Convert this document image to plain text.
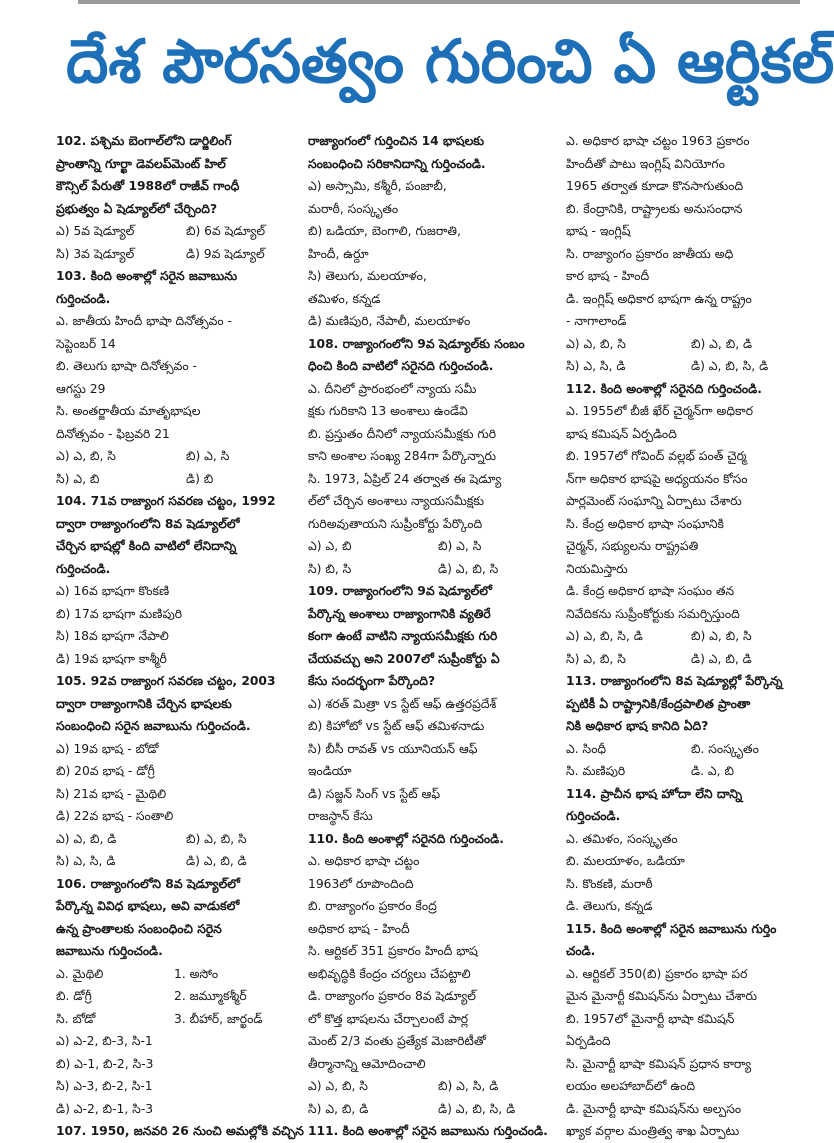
దేశ పౌరసత్వం గురించి ఏ ఆర్టికల్
102. పశ్చిమ బెంగాల్‌లోని డార్జిలింగ్
ప్రాంతాన్ని గూర్ఖా డెవలప్‌మెంట్ హిల్
కౌన్సిల్ పేరుతో 1988లో రాజీవ్ గాంధీ
ప్రభుత్వం ఏ షెడ్యూల్‌లో చేర్చింది?
ఎ) 5వ షెడ్యూల్	బి) 6వ షెడ్యూల్
సి) 3వ షెడ్యూల్	డి) 9వ షెడ్యూల్
103. కింది అంశాల్లో సరైన జవాబును
గుర్తించండి.
ఎ. జాతీయ హిందీ భాషా దినోత్సవం -
సెప్టెంబర్ 14
బి. తెలుగు భాషా దినోత్సవం -
ఆగస్టు 29
సి. అంతర్జాతీయ మాతృభాషల
దినోత్సవం - ఫిబ్రవరి 21
ఎ) ఎ, బి, సి	బి) ఎ, సి
సి) ఎ, బి	డి) బి
104. 71వ రాజ్యాంగ సవరణ చట్టం, 1992
ద్వారా రాజ్యాంగంలోని 8వ షెడ్యూల్‌లో
చేర్చిన భాషల్లో కింది వాటిలో లేనిదాన్ని
గుర్తించండి.
ఎ) 16వ భాషగా కొంకణి
బి) 17వ భాషగా మణిపురి
సి) 18వ భాషగా నేపాలి
డి) 19వ భాషగా కాశ్మీరీ
105. 92వ రాజ్యాంగ సవరణ చట్టం, 2003
ద్వారా రాజ్యాంగానికి చేర్చిన భాషలకు
సంబంధించి సరైన జవాబును గుర్తించండి.
ఎ) 19వ భాష - బోడో
బి) 20వ భాష - డోగ్రీ
సి) 21వ భాష - మైథిలి
డి) 22వ భాష - సంతాలి
ఎ) ఎ, బి, డి	బి) ఎ, బి, సి
సి) ఎ, సి, డి	డి) ఎ, బి, డి
106. రాజ్యాంగంలోని 8వ షెడ్యూల్‌లో
పేర్కొన్న వివిధ భాషలు, అవి వాడుకలో
ఉన్న ప్రాంతాలకు సంబంధించి సరైన
జవాబును గుర్తించండి.
ఎ. మైథిలి	1. అసోం
బి. డోగ్రీ	2. జమ్మూకశ్మీర్
సి. బోడో	3. బీహార్, జార్ఖండ్
ఎ) ఎ-2, బి-3, సి-1
బి) ఎ-1, బి-2, సి-3
సి) ఎ-3, బి-2, సి-1
డి) ఎ-2, బి-1, సి-3
107. 1950, జనవరి 26 నుంచి అమల్లోకి వచ్చిన
రాజ్యాంగంలో గుర్తించిన 14 భాషలకు
సంబంధించి సరికానిదాన్ని గుర్తించండి.
ఎ) అస్సామి, కశ్మీరీ, పంజాబీ,
మరాఠీ, సంస్కృతం
బి) ఒడియా, బెంగాలి, గుజరాతి,
హిందీ, ఉర్దూ
సి) తెలుగు, మలయాళం,
తమిళం, కన్నడ
డి) మణిపురి, నేపాలీ, మలయాళం
108. రాజ్యాంగంలోని 9వ షెడ్యూల్‌కు సంబం
ధించి కింది వాటిలో సరైనది గుర్తించండి.
ఎ. దీనిలో ప్రారంభంలో న్యాయ సమీ
క్షకు గురికాని 13 అంశాలు ఉండేవి
బి. ప్రస్తుతం దీనిలో న్యాయసమీక్షకు గురి
కాని అంశాల సంఖ్య 284గా పేర్కొన్నారు
సి. 1973, ఏప్రిల్ 24 తర్వాత ఈ షెడ్యూ
ల్‌లో చేర్చిన అంశాలు న్యాయసమీక్షకు
గురిఅవుతాయని సుప్రీంకోర్టు పేర్కొంది
ఎ) ఎ, బి	బి) ఎ, సి
సి) బి, సి	డి) ఎ, బి, సి
109. రాజ్యాంగంలోని 9వ షెడ్యూల్‌లో
పేర్కొన్న అంశాలు రాజ్యాంగానికి వ్యతిరే
కంగా ఉంటే వాటిని న్యాయసమీక్షకు గురి
చేయవచ్చు అని 2007లో సుప్రీంకోర్టు ఏ
కేసు సందర్భంగా పేర్కొంది?
ఎ) శరత్ మిత్రా vs స్టేట్ ఆఫ్ ఉత్తరప్రదేశ్
బి) కిహోటో vs స్టేట్ ఆఫ్ తమిళనాడు
సి) బీసీ రావత్ vs యూనియన్ ఆఫ్
ఇండియా
డి) సజ్జన్ సింగ్ vs స్టేట్ ఆఫ్
రాజస్థాన్ కేసు
110. కింది అంశాల్లో సరైనది గుర్తించండి.
ఎ. అధికార భాషా చట్టం
1963లో రూపొందింది
బి. రాజ్యాంగం ప్రకారం కేంద్ర
అధికార భాష - హిందీ
సి. ఆర్టికల్ 351 ప్రకారం హిందీ భాష
అభివృద్ధికి కేంద్రం చర్యలు చేపట్టాలి
డి. రాజ్యాంగం ప్రకారం 8వ షెడ్యూల్
లో కొత్త భాషలను చేర్చాలంటే పార్ల
మెంట్ 2/3 వంతు ప్రత్యేక మెజారిటీతో
తీర్మానాన్ని ఆమోదించాలి
ఎ) ఎ, బి, సి	బి) ఎ, సి, డి
సి) ఎ, బి, డి	డి) ఎ, బి, సి, డి
111. కింది అంశాల్లో సరైన జవాబును గుర్తించండి.
ఎ. అధికార భాషా చట్టం 1963 ప్రకారం
హిందీతో పాటు ఇంగ్లిష్ వినియోగం
1965 తర్వాత కూడా కొనసాగుతుంది
బి. కేంద్రానికి, రాష్ట్రాలకు అనుసంధాన
భాష - ఇంగ్లిష్
సి. రాజ్యాంగం ప్రకారం జాతీయ అధి
కార భాష - హిందీ
డి. ఇంగ్లిష్ అధికార భాషగా ఉన్న రాష్ట్రం
- నాగాలాండ్
ఎ) ఎ, బి, సి	బి) ఎ, బి, డి
సి) ఎ, సి, డి	డి) ఎ, బి, సి, డి
112. కింది అంశాల్లో సరైనది గుర్తించండి.
ఎ. 1955లో బీజీ ఖేర్ చైర్మన్‌గా అధికార
భాష కమిషన్ ఏర్పడింది
బి. 1957లో గోవింద్ వల్లభ్ పంత్ చైర్మ
న్‌గా అధికార భాషపై అధ్యయనం కోసం
పార్లమెంట్ సంఘాన్ని ఏర్పాటు చేశారు
సి. కేంద్ర అధికార భాషా సంఘానికి
చైర్మన్, సభ్యులను రాష్ట్రపతి
నియమిస్తారు
డి. కేంద్ర అధికార భాషా సంఘం తన
నివేదికను సుప్రీంకోర్టుకు సమర్పిస్తుంది
ఎ) ఎ, బి, సి, డి	బి) ఎ, బి, సి
సి) ఎ, బి, సి	డి) ఎ, బి, డి
113. రాజ్యాంగంలోని 8వ షెడ్యూల్లో పేర్కొన్న
ప్పటికీ ఏ రాష్ట్రానికి/కేంద్రపాలిత ప్రాంతా
నికి అధికార భాష కానిది ఏది?
ఎ. సింధీ	బి. సంస్కృతం
సి. మణిపురి	డి. ఎ, బి
114. ప్రాచీన భాష హోదా లేని దాన్ని
గుర్తించండి.
ఎ. తమిళం, సంస్కృతం
బి. మలయాళం, ఒడియా
సి. కొంకణి, మరాఠీ
డి. తెలుగు, కన్నడ
115. కింది అంశాల్లో సరైన జవాబును గుర్తిం
చండి.
ఎ. ఆర్టికల్ 350(బి) ప్రకారం భాషా పర
మైన మైనార్టీ కమిషన్‌ను ఏర్పాటు చేశారు
బి. 1957లో మైనార్టీ భాషా కమిషన్
ఏర్పడింది
సి. మైనార్టీ భాషా కమిషన్ ప్రధాన కార్యా
లయం అలహాబాద్‌లో ఉంది
డి. మైనార్టీ భాషా కమిషన్‌ను అల్పసం
ఖ్యాక వర్గాల మంత్రిత్వ శాఖ ఏర్పాటు
